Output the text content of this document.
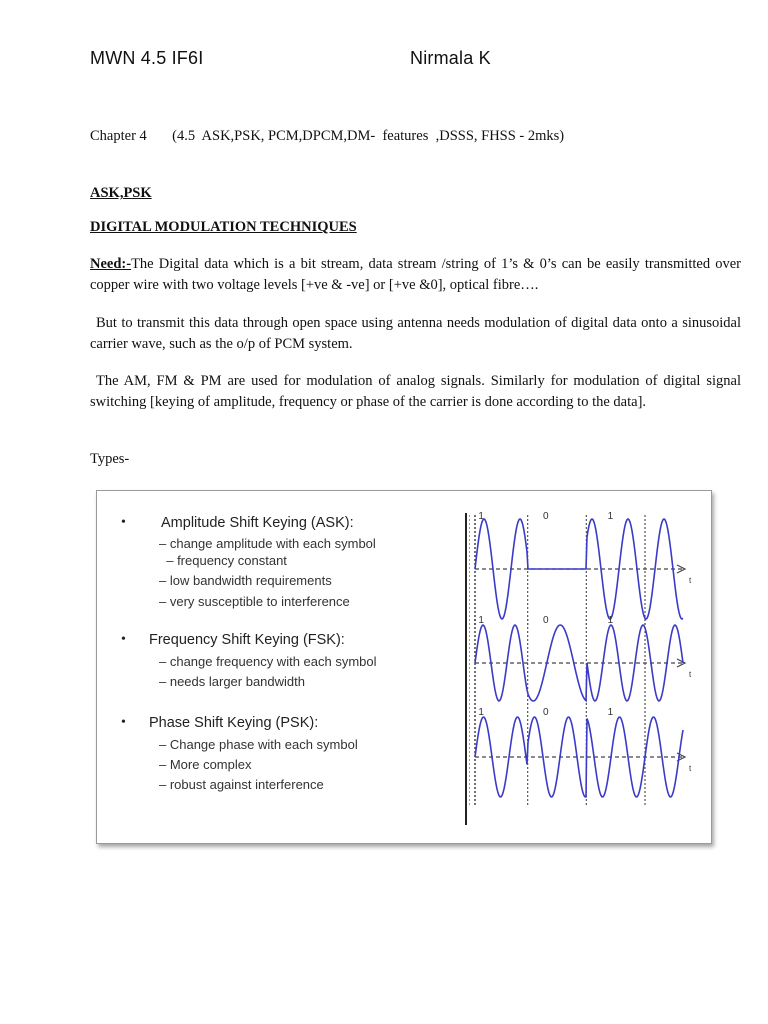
MWN 4.5 IF6I	Nirmala K
Chapter 4       (4.5  ASK,PSK, PCM,DPCM,DM-  features  ,DSSS, FHSS - 2mks)
ASK,PSK
DIGITAL MODULATION TECHNIQUES
Need:-The Digital data which is a bit stream, data stream /string of 1’s & 0’s can be easily transmitted over copper wire with two voltage levels [+ve & -ve] or [+ve &0], optical fibre….
But to transmit this data through open space using antenna needs modulation of digital data onto a sinusoidal carrier wave, such as the o/p of PCM system.
The AM, FM & PM are used for modulation of analog signals. Similarly for modulation of digital signal switching [keying of amplitude, frequency or phase of the carrier is done according to the data].
Types-
• Amplitude Shift Keying (ASK):
– change amplitude with each symbol
– frequency constant
– low bandwidth requirements
– very susceptible to interference
• Frequency Shift Keying (FSK):
– change frequency with each symbol
– needs larger bandwidth
• Phase Shift Keying (PSK):
– Change phase with each symbol
– More complex
– robust against interference
1	0	1
t
1	0	1
t
1	0	1
t
